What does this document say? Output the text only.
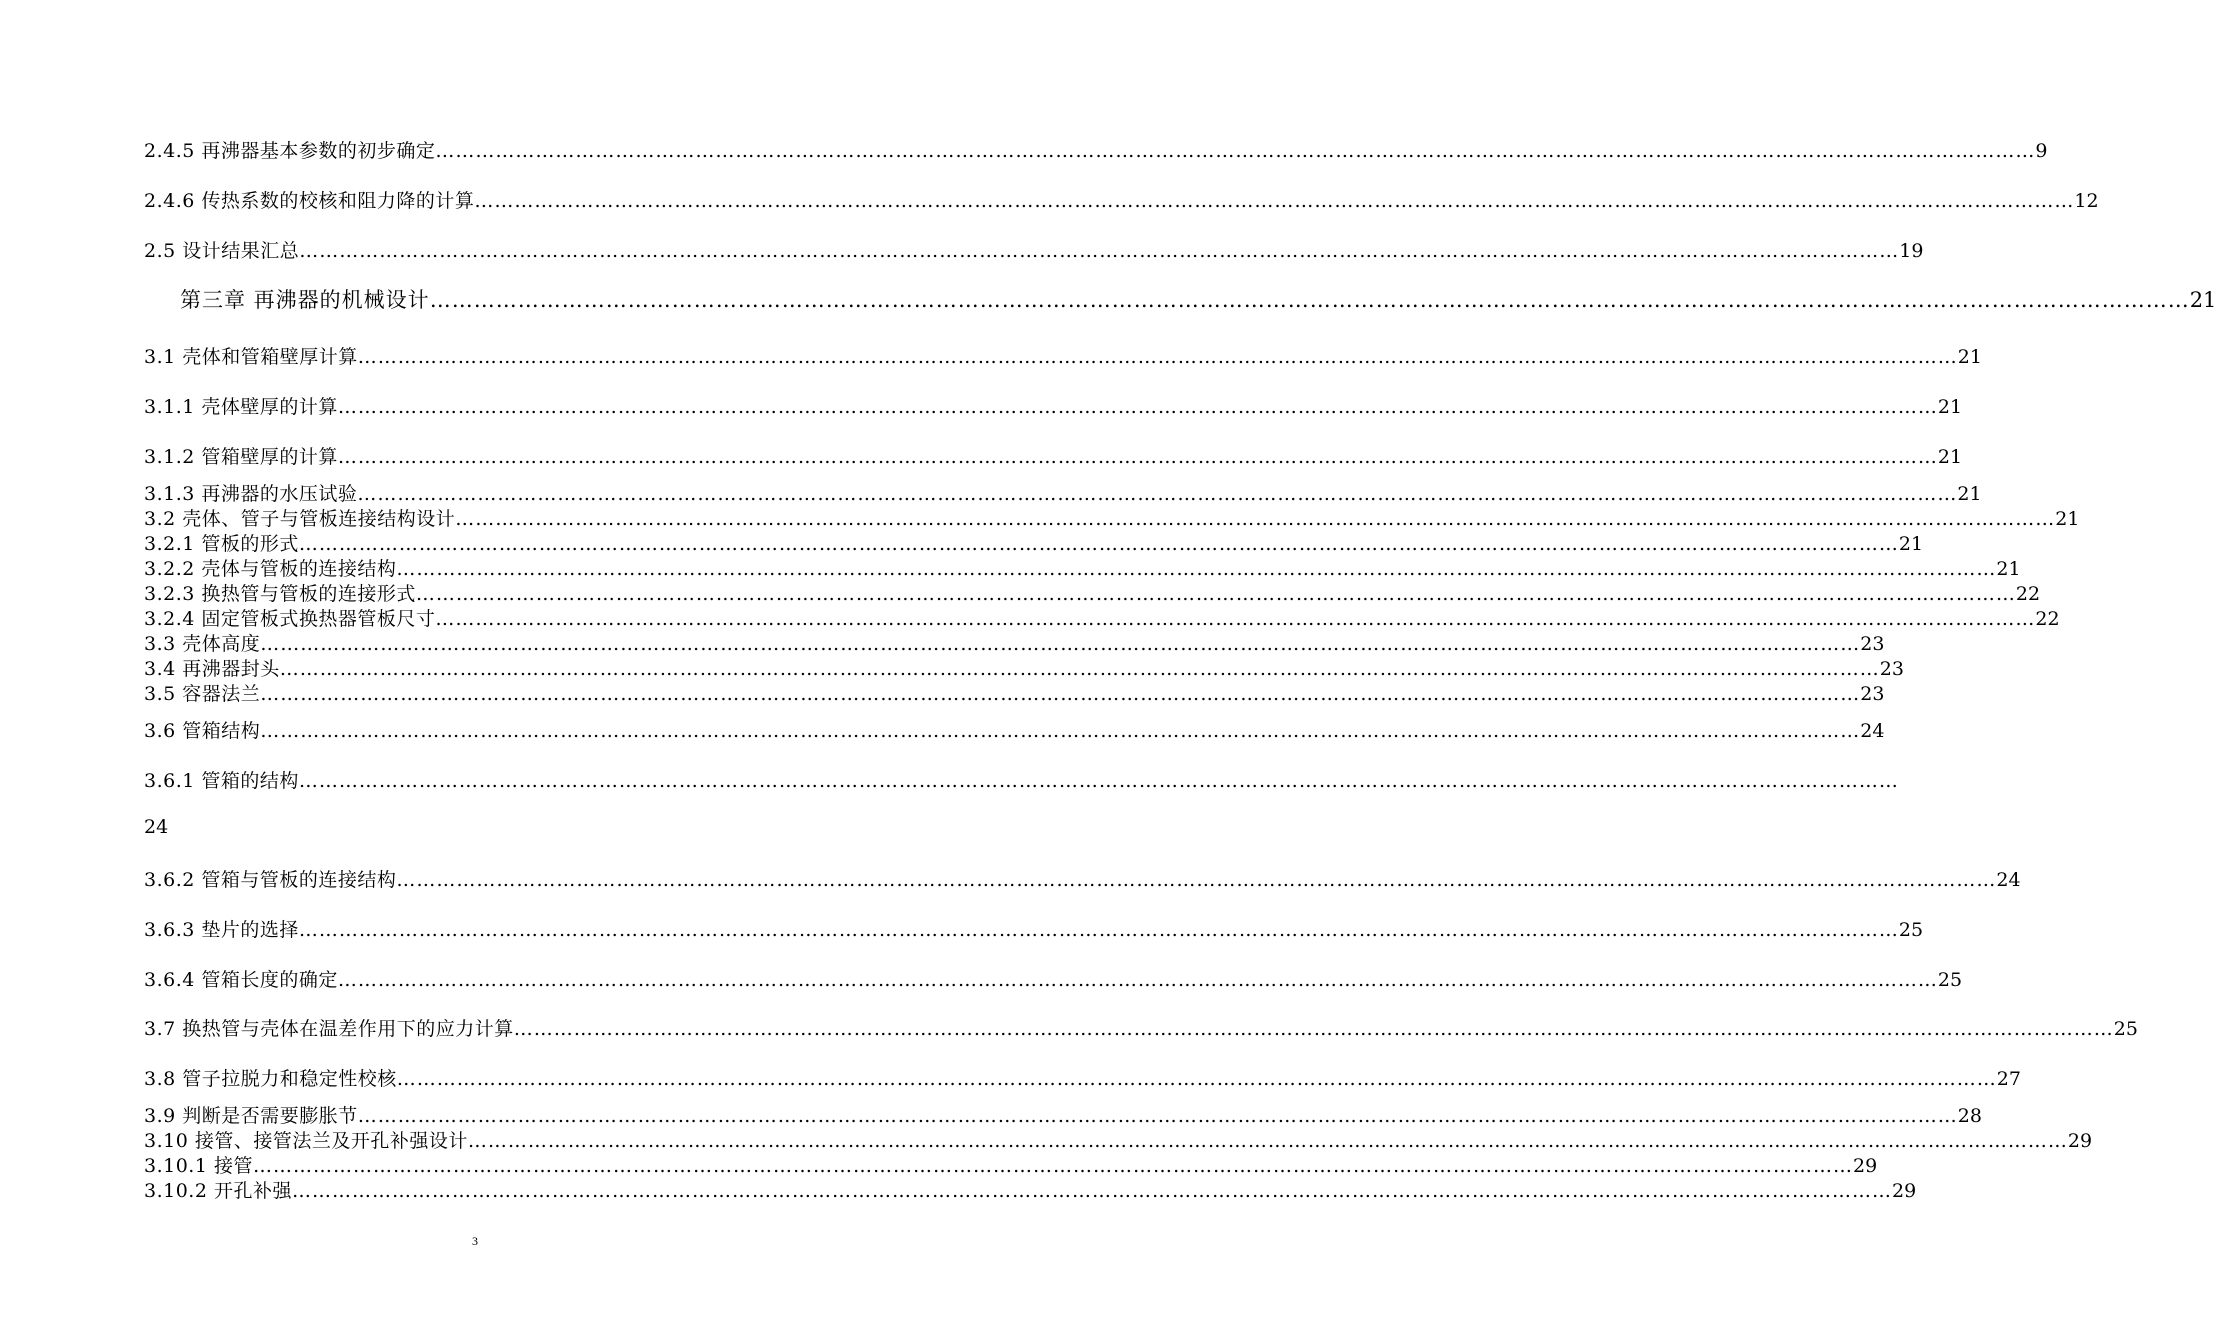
2.4.5 再沸器基本参数的初步确定 …………………………………………………………………………………………………………………………………………………………………………………………………………………… 9
2.4.6 传热系数的校核和阻力降的计算 …………………………………………………………………………………………………………………………………………………………………………………………………………………… 12
2.5 设计结果汇总 …………………………………………………………………………………………………………………………………………………………………………………………………………………… 19
第三章 再沸器的机械设计 …………………………………………………………………………………………………………………………………………………………………………………………………………………… 21
3.1 壳体和管箱壁厚计算 …………………………………………………………………………………………………………………………………………………………………………………………………………………… 21
3.1.1 壳体壁厚的计算 …………………………………………………………………………………………………………………………………………………………………………………………………………………… 21
3.1.2 管箱壁厚的计算 …………………………………………………………………………………………………………………………………………………………………………………………………………………… 21
3.1.3 再沸器的水压试验 …………………………………………………………………………………………………………………………………………………………………………………………………………………… 21
3.2 壳体、管子与管板连接结构设计 …………………………………………………………………………………………………………………………………………………………………………………………………………………… 21
3.2.1 管板的形式 …………………………………………………………………………………………………………………………………………………………………………………………………………………… 21
3.2.2 壳体与管板的连接结构 …………………………………………………………………………………………………………………………………………………………………………………………………………………… 21
3.2.3 换热管与管板的连接形式 …………………………………………………………………………………………………………………………………………………………………………………………………………………… 22
3.2.4 固定管板式换热器管板尺寸 …………………………………………………………………………………………………………………………………………………………………………………………………………………… 22
3.3 壳体高度 …………………………………………………………………………………………………………………………………………………………………………………………………………………… 23
3.4 再沸器封头 …………………………………………………………………………………………………………………………………………………………………………………………………………………… 23
3.5 容器法兰 …………………………………………………………………………………………………………………………………………………………………………………………………………………… 23
3.6 管箱结构 …………………………………………………………………………………………………………………………………………………………………………………………………………………… 24
3.6.1 管箱的结构 ……………………………………………………………………………………………………………………………………………………………………………………………………………………
24
3.6.2 管箱与管板的连接结构 …………………………………………………………………………………………………………………………………………………………………………………………………………………… 24
3.6.3 垫片的选择 …………………………………………………………………………………………………………………………………………………………………………………………………………………… 25
3.6.4 管箱长度的确定 …………………………………………………………………………………………………………………………………………………………………………………………………………………… 25
3.7 换热管与壳体在温差作用下的应力计算 …………………………………………………………………………………………………………………………………………………………………………………………………………………… 25
3.8 管子拉脱力和稳定性校核 …………………………………………………………………………………………………………………………………………………………………………………………………………………… 27
3.9 判断是否需要膨胀节 …………………………………………………………………………………………………………………………………………………………………………………………………………………… 28
3.10 接管、接管法兰及开孔补强设计 …………………………………………………………………………………………………………………………………………………………………………………………………………………… 29
3.10.1 接管 …………………………………………………………………………………………………………………………………………………………………………………………………………………… 29
3.10.2 开孔补强 …………………………………………………………………………………………………………………………………………………………………………………………………………………… 29
3
